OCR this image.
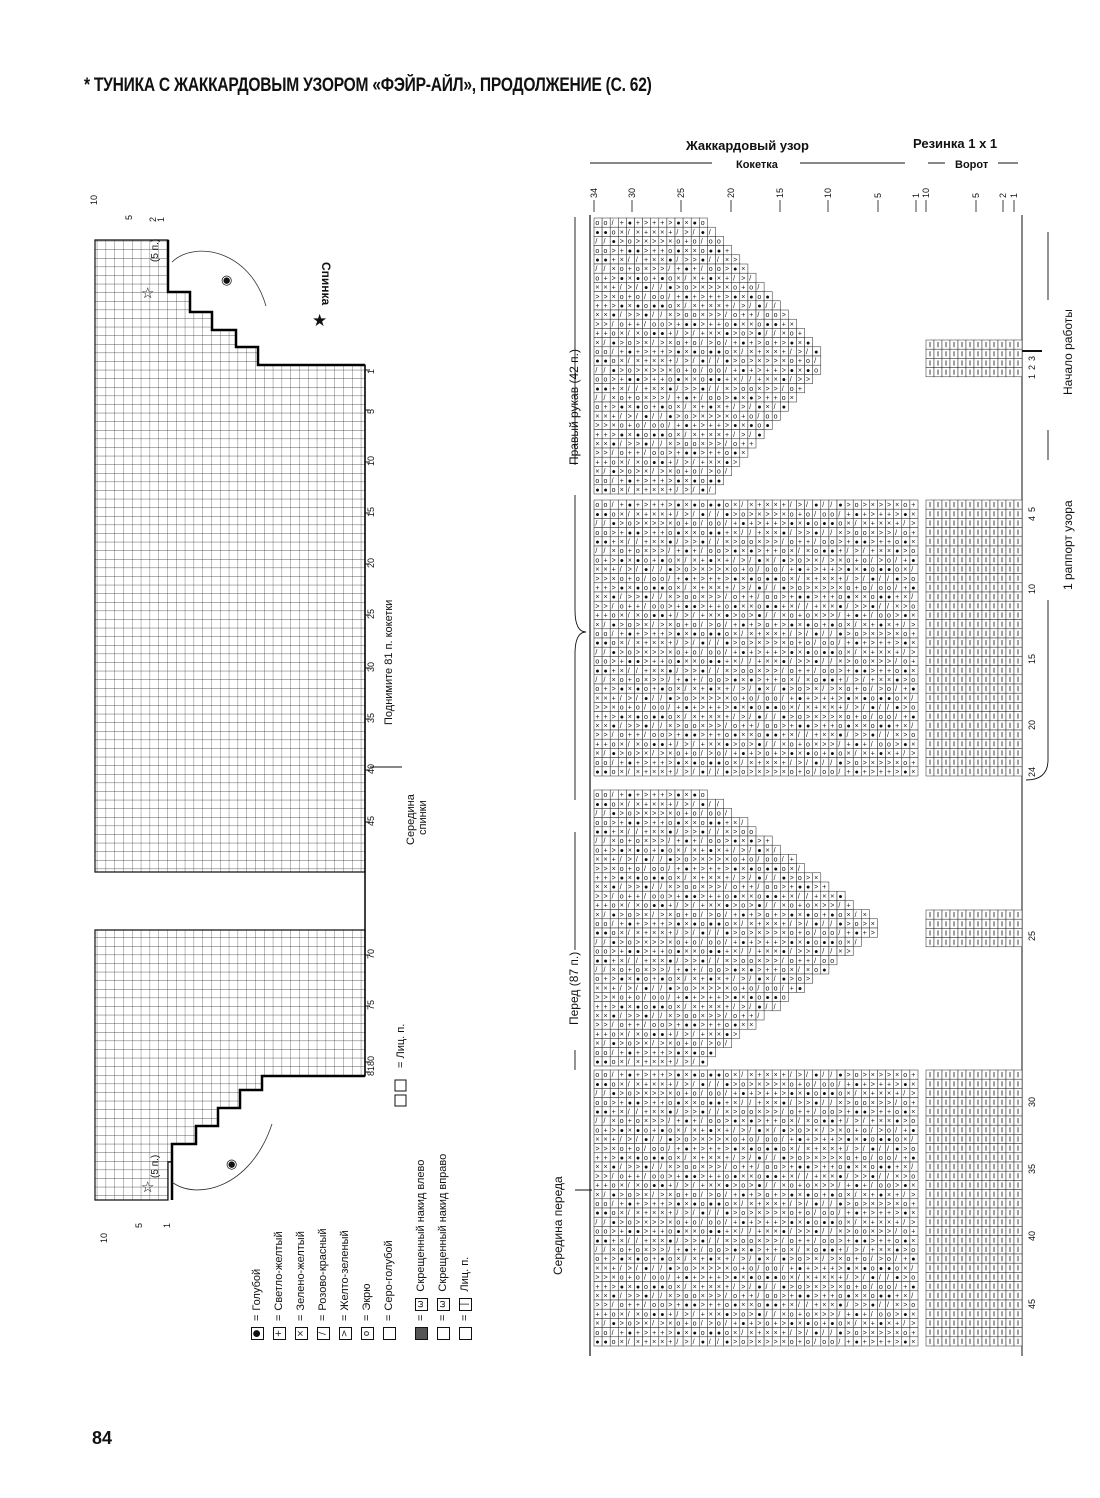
* ТУНИКА С ЖАККАРДОВЫМ УЗОРОМ «ФЭЙР-АЙЛ», ПРОДОЛЖЕНИЕ (С. 62)
1
5
10
15
20
25
30
35
40
45
70
75
80
81
Спинка
Поднимите 81 п. кокетки
Середина спинки
(5 п.)
(5 п.)
☆
☆
★
◉
◉
= Лиц. п.
10
5 2
1
10
5 1
Жаккардовый узор
Кокетка
Резинка 1 x 1
Ворот
34	30	25	20	15	10	5	1 10	5 2 1
3
2
1
5
4
10
15
20
24
25
30
35
40
45
o o / + ● + > + + > ● × ● o
● ● o × / × + × × + / > / ● /
/ / ● > o > × > > × o + o / o o
o o > + ● ● > + + o ● × × o ● ● +
● ● + × / / + × × ● / > > ● / / × >
/ / × o + o × > > / + ● + / o o > ● ×
o + > ● × ● o + ● o × / × + ● × + / > /
× × + / > / ● / / ● > o > × > > × o + o /
> > × o + o / o o / + ● + > + + > ● × ● o ●
+ + > ● × ● o ● ● o × / × + × × + / > / ● / /
× × ● / > > ● / / × > o o × > > / o + + / o o >
> > / o + + / o o > + ● ● > + + o ● × × o ● ● + ×
+ + o × / × o ● ● + / > / + × × ● > o > ● / / × o +
× / ● > o > × / > × o + o / > o / + ● + > o + > ● × ●
o o / + ● + > + + > ● × ● o ● ● o × / × + × × + / > / ●
● ● o × / × + × × + / > / ● / / ● > o > × > > × o + o /
/ / ● > o > × > > × o + o / o o / + ● + > + + > ● × ● o
o o > + ● ● > + + o ● × × o ● ● + × / / + × × ● / > >
● ● + × / / + × × ● / > > ● / / × > o o × > > / o +
/ / × o + o × > > / + ● + / o o > ● × ● > + + o ×
o + > ● × ● o + ● o × / × + ● × + / > / ● × / ●
× × + / > / ● / / ● > o > × > > × o + o / o o
> > × o + o / o o / + ● + > + + > ● × ● o ●
+ + > ● × ● o ● ● o × / × + × × + / > / ●
× × ● / > > ● / / × > o o × > > / o + +
> > / o + + / o o > + ● ● > + + o ● ×
+ + o × / × o ● ● + / > / + × × ● >
× / ● > o > × / > × o + o / > o /
o o / + ● + > + + > ● × ● o ● ●
● ● o × / × + × × + / > / ● /
o o / + ● + > + + > ● × ● o ● ● o × / × + × × + / > / ● / / ● > o > × > > × o +
● ● o × / × + × × + / > / ● / / ● > o > × > > × o + o / o o / + ● + > + + > ● ×
/ / ● > o > × > > × o + o / o o / + ● + > + + > ● × ● o ● ● o × / × + × × + / >
o o > + ● ● > + + o ● × × o ● ● + × / / + × × ● / > > ● / / × > o o × > > / o +
● ● + × / / + × × ● / > > ● / / × > o o × > > / o + + / o o > + ● ● > + + o ● ×
/ / × o + o × > > / + ● + / o o > ● × ● > + + o × / × o ● ● + / > / + × × ● > o
o + > ● × ● o + ● o × / × + ● × + / > / ● × / ● > o > × / > × o + o / > o / + ●
× × + / > / ● / / ● > o > × > > × o + o / o o / + ● + > + + > ● × ● o ● ● o × /
> > × o + o / o o / + ● + > + + > ● × ● o ● ● o × / × + × × + / > / ● / / ● > o
+ + > ● × ● o ● ● o × / × + × × + / > / ● / / ● > o > × > > × o + o / o o / + ●
× × ● / > > ● / / × > o o × > > / o + + / o o > + ● ● > + + o ● × × o ● ● + × /
> > / o + + / o o > + ● ● > + + o ● × × o ● ● + × / / + × × ● / > > ● / / × > o
+ + o × / × o ● ● + / > / + × × ● > o > ● / / × o + o × > > / + ● + / o o > ● ×
× / ● > o > × / > × o + o / > o / + ● + > o + > ● × ● o + ● o × / × + ● × + / >
o o / + ● + > + + > ● × ● o ● ● o × / × + × × + / > / ● / / ● > o > × > > × o +
● ● o × / × + × × + / > / ● / / ● > o > × > > × o + o / o o / + ● + > + + > ● ×
/ / ● > o > × > > × o + o / o o / + ● + > + + > ● × ● o ● ● o × / × + × × + / >
o o > + ● ● > + + o ● × × o ● ● + × / / + × × ● / > > ● / / × > o o × > > / o +
● ● + × / / + × × ● / > > ● / / × > o o × > > / o + + / o o > + ● ● > + + o ● ×
/ / × o + o × > > / + ● + / o o > ● × ● > + + o × / × o ● ● + / > / + × × ● > o
o + > ● × ● o + ● o × / × + ● × + / > / ● × / ● > o > × / > × o + o / > o / + ●
× × + / > / ● / / ● > o > × > > × o + o / o o / + ● + > + + > ● × ● o ● ● o × /
> > × o + o / o o / + ● + > + + > ● × ● o ● ● o × / × + × × + / > / ● / / ● > o
+ + > ● × ● o ● ● o × / × + × × + / > / ● / / ● > o > × > > × o + o / o o / + ●
× × ● / > > ● / / × > o o × > > / o + + / o o > + ● ● > + + o ● × × o ● ● + × /
> > / o + + / o o > + ● ● > + + o ● × × o ● ● + × / / + × × ● / > > ● / / × > o
+ + o × / × o ● ● + / > / + × × ● > o > ● / / × o + o × > > / + ● + / o o > ● ×
× / ● > o > × / > × o + o / > o / + ● + > o + > ● × ● o + ● o × / × + ● × + / >
o o / + ● + > + + > ● × ● o ● ● o × / × + × × + / > / ● / / ● > o > × > > × o +
● ● o × / × + × × + / > / ● / / ● > o > × > > × o + o / o o / + ● + > + + > ● ×
o o / + ● + > + + > ● × ● o
● ● o × / × + × × + / > / ● / /
/ / ● > o > × > > × o + o / o o /
o o > + ● ● > + + o ● × × o ● ● + × /
● ● + × / / + × × ● / > > ● / / × > o o
/ / × o + o × > > / + ● + / o o > ● × ● > +
o + > ● × ● o + ● o × / × + ● × + / > / ● × /
× × + / > / ● / / ● > o > × > > × o + o / o o / +
> > × o + o / o o / + ● + > + + > ● × ● o ● ● o × /
+ + > ● × ● o ● ● o × / × + × × + / > / ● / / ● > o > ×
× × ● / > > ● / / × > o o × > > / o + + / o o > + ● ● > +
> > / o + + / o o > + ● ● > + + o ● × × o ● ● + × / / + × × ●
+ + o × / × o ● ● + / > / + × × ● > o > ● / / × o + o × > > / +
× / ● > o > × / > × o + o / > o / + ● + > o + > ● × ● o + ● o × / ×
o o / + ● + > + + > ● × ● o ● ● o × / × + × × + / > / ● / / ● > o > ×
● ● o × / × + × × + / > / ● / / ● > o > × > > × o + o / o o / + ● + >
/ / ● > o > × > > × o + o / o o / + ● + > + + > ● × ● o ● ● o × /
o o > + ● ● > + + o ● × × o ● ● + × / / + × × ● / > > ● / / × >
● ● + × / / + × × ● / > > ● / / × > o o × > > / o + + / o o
/ / × o + o × > > / + ● + / o o > ● × ● > + + o × / × o ●
o + > ● × ● o + ● o × / × + ● × + / > / ● × / ● > o >
× × + / > / ● / / ● > o > × > > × o + o / o o / + ●
> > × o + o / o o / + ● + > + + > ● × ● o ● ● o
+ + > ● × ● o ● ● o × / × + × × + / > / ● / /
× × ● / > > ● / / × > o o × > > / o + + /
> > / o + + / o o > + ● ● > + + o ● × ×
+ + o × / × o ● ● + / > / + × × ● >
× / ● > o > × / > × o + o / > o /
o o / + ● + > + + > ● × ● o ●
● ● o × / × + × × + / > / ●
o o / + ● + > + + > ● × ● o ● ● o × / × + × × + / > / ● / / ● > o > × > > × o +
● ● o × / × + × × + / > / ● / / ● > o > × > > × o + o / o o / + ● + > + + > ● ×
/ / ● > o > × > > × o + o / o o / + ● + > + + > ● × ● o ● ● o × / × + × × + / >
o o > + ● ● > + + o ● × × o ● ● + × / / + × × ● / > > ● / / × > o o × > > / o +
● ● + × / / + × × ● / > > ● / / × > o o × > > / o + + / o o > + ● ● > + + o ● ×
/ / × o + o × > > / + ● + / o o > ● × ● > + + o × / × o ● ● + / > / + × × ● > o
o + > ● × ● o + ● o × / × + ● × + / > / ● × / ● > o > × / > × o + o / > o / + ●
× × + / > / ● / / ● > o > × > > × o + o / o o / + ● + > + + > ● × ● o ● ● o × /
> > × o + o / o o / + ● + > + + > ● × ● o ● ● o × / × + × × + / > / ● / / ● > o
+ + > ● × ● o ● ● o × / × + × × + / > / ● / / ● > o > × > > × o + o / o o / + ●
× × ● / > > ● / / × > o o × > > / o + + / o o > + ● ● > + + o ● × × o ● ● + × /
> > / o + + / o o > + ● ● > + + o ● × × o ● ● + × / / + × × ● / > > ● / / × > o
+ + o × / × o ● ● + / > / + × × ● > o > ● / / × o + o × > > / + ● + / o o > ● ×
× / ● > o > × / > × o + o / > o / + ● + > o + > ● × ● o + ● o × / × + ● × + / >
o o / + ● + > + + > ● × ● o ● ● o × / × + × × + / > / ● / / ● > o > × > > × o +
● ● o × / × + × × + / > / ● / / ● > o > × > > × o + o / o o / + ● + > + + > ● ×
/ / ● > o > × > > × o + o / o o / + ● + > + + > ● × ● o ● ● o × / × + × × + / >
o o > + ● ● > + + o ● × × o ● ● + × / / + × × ● / > > ● / / × > o o × > > / o +
● ● + × / / + × × ● / > > ● / / × > o o × > > / o + + / o o > + ● ● > + + o ● ×
/ / × o + o × > > / + ● + / o o > ● × ● > + + o × / × o ● ● + / > / + × × ● > o
o + > ● × ● o + ● o × / × + ● × + / > / ● × / ● > o > × / > × o + o / > o / + ●
× × + / > / ● / / ● > o > × > > × o + o / o o / + ● + > + + > ● × ● o ● ● o × /
> > × o + o / o o / + ● + > + + > ● × ● o ● ● o × / × + × × + / > / ● / / ● > o
+ + > ● × ● o ● ● o × / × + × × + / > / ● / / ● > o > × > > × o + o / o o / + ●
× × ● / > > ● / / × > o o × > > / o + + / o o > + ● ● > + + o ● × × o ● ● + × /
> > / o + + / o o > + ● ● > + + o ● × × o ● ● + × / / + × × ● / > > ● / / × > o
+ + o × / × o ● ● + / > / + × × ● > o > ● / / × o + o × > > / + ● + / o o > ● ×
× / ● > o > × / > × o + o / > o / + ● + > o + > ● × ● o + ● o × / × + ● × + / >
o o / + ● + > + + > ● × ● o ● ● o × / × + × × + / > / ● / / ● > o > × > > × o +
● ● o × / × + × × + / > / ● / / ● > o > × > > × o + o / o o / + ● + > + + > ● ×
Правый рукав (42 п.)
Перед (87 п.)
Середина переда
Начало работы
1 раппорт узора
●
=
Голубой
+
=
Светло-желтый
×
=
Зелено-желтый
/
=
Розово-красный
>
=
Желто-зеленый
o
=
Экрю
=
Серо-голубой
=
ω
Скрещенный накид влево
=
ω
Скрещенный накид вправо
=
|
Лиц. п.
84
